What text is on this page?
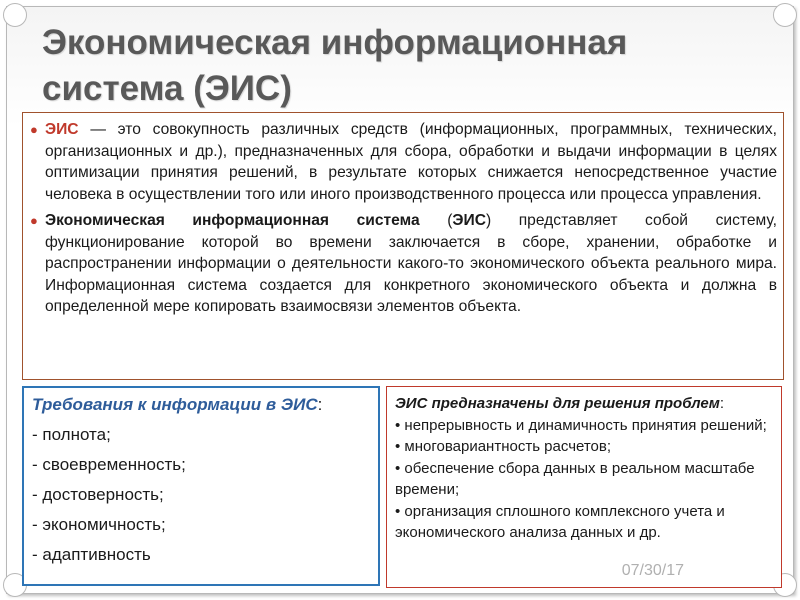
Экономическая информационная
система (ЭИС)
● ЭИС — это совокупность различных средств (информационных, программных, технических, организационных и др.), предназначенных для сбора, обработки и выдачи информации в целях оптимизации принятия решений, в результате которых снижается непосредственное участие человека в осуществлении того или иного производственного процесса или процесса управления.
● Экономическая информационная система (ЭИС) представляет собой систему, функционирование которой во времени заключается в сборе, хранении, обработке и распространении информации о деятельности какого-то экономического объекта реального мира. Информационная система создается для конкретного экономического объекта и должна в определенной мере копировать взаимосвязи элементов объекта.
Требования к информации в ЭИС:
- полнота;
- своевременность;
- достоверность;
- экономичность;
- адаптивность
ЭИС предназначены для решения проблем:
• непрерывность и динамичность принятия решений;
• многовариантность расчетов;
• обеспечение сбора данных в реальном масштабе времени;
• организация сплошного комплексного учета и экономического анализа данных и др.
07/30/17
